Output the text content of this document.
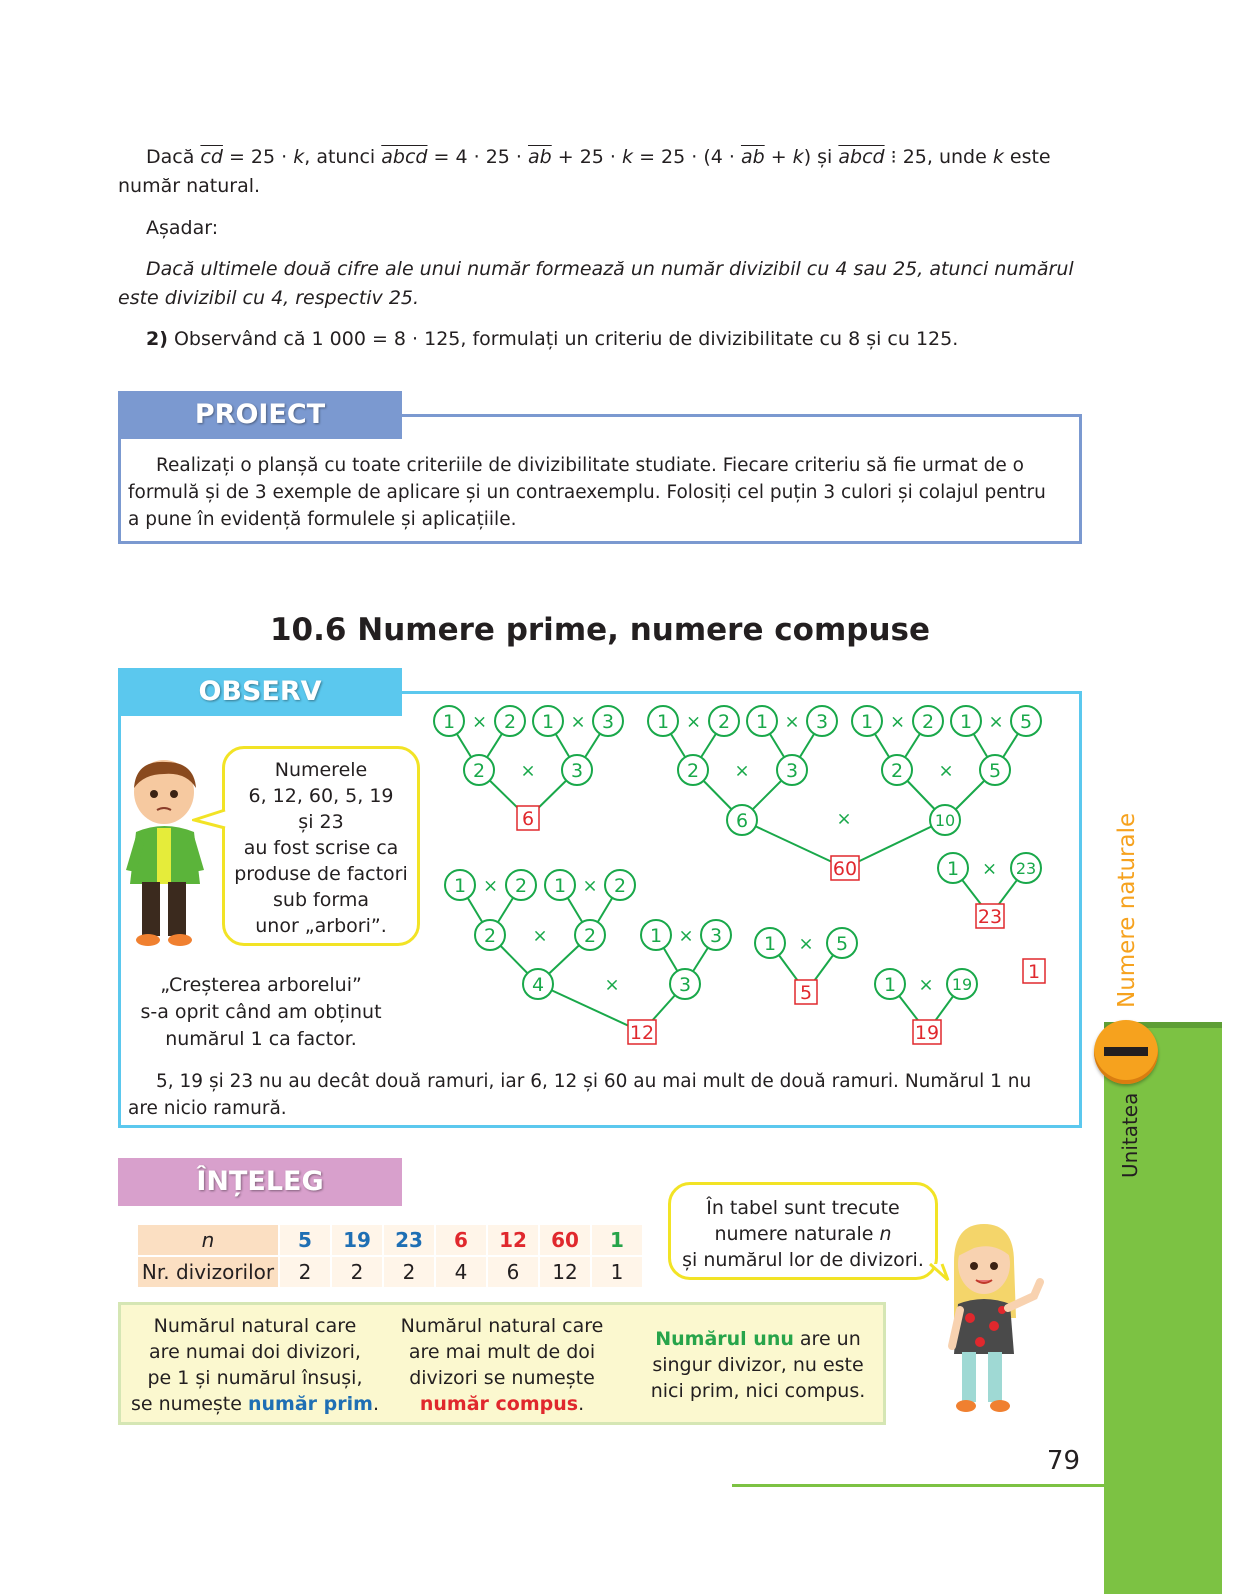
Dacă $\overline{cd} = 25 \cdot k$, atunci abcd = $4 \cdot 25 \cdot \overline{ab} + 25 \cdot k = 25 \cdot (4 \cdot \overline{ab} + k)$ și abcd ⁝ 25, unde k este număr natural.

Așadar:

Dacă ultimele două cifre ale unui număr formează un număr divizibil cu 4 sau 25, atunci numărul este divizibil cu 4, respectiv 25.

2) Observând că 1 000 = 8 · 125, formulați un criteriu de divizibilitate cu 8 și cu 125.

PROIECT

Realizați o planșă cu toate criteriile de divizibilitate studiate. Fiecare criteriu să fie urmat de o formulă și de 3 exemple de aplicare și un contraexemplu. Folosiți cel puțin 3 culori și colajul pentru a pune în evidență formulele și aplicațiile.

10.6 Numere prime, numere compuse
OBSERV
Numerele
6, 12, 60, 5, 19
și 23
au fost scrise ca
produse de factori
sub forma
unor „arbori”.
„Creșterea arborelui”
s-a oprit când am obținut
numărul 1 ca factor.

5, 19 și 23 nu au decât două ramuri, iar 6, 12 și 60 au mai mult de două ramuri. Numărul 1 nu are nicio ramură.

1	2
×
2
1	3
×
3
×
6
1	2
×
2
1	3
×
3
1	2
×
2
1	5
×
5
×	×
6	10
×
60	1	23
×
23
1	2
×
2
1	2
×
2
×
4
1	3
×
3
×
12
1	5
×
5	1	19
×
19
1
ÎNȚELEG
n	5	19	23	6	12	60	1
Nr. divizorilor	2	2	2	4	6	12	1
Numărul natural care
are numai doi divizori,
pe 1 și numărul însuși,
se numește număr prim.
Numărul natural care
are mai mult de doi
divizori se numește
număr compus.
Numărul unu are un
singur divizor, nu este
nici prim, nici compus.
În tabel sunt trecute
numere naturale n
și numărul lor de divizori.
79
Unitatea
Numere naturale
